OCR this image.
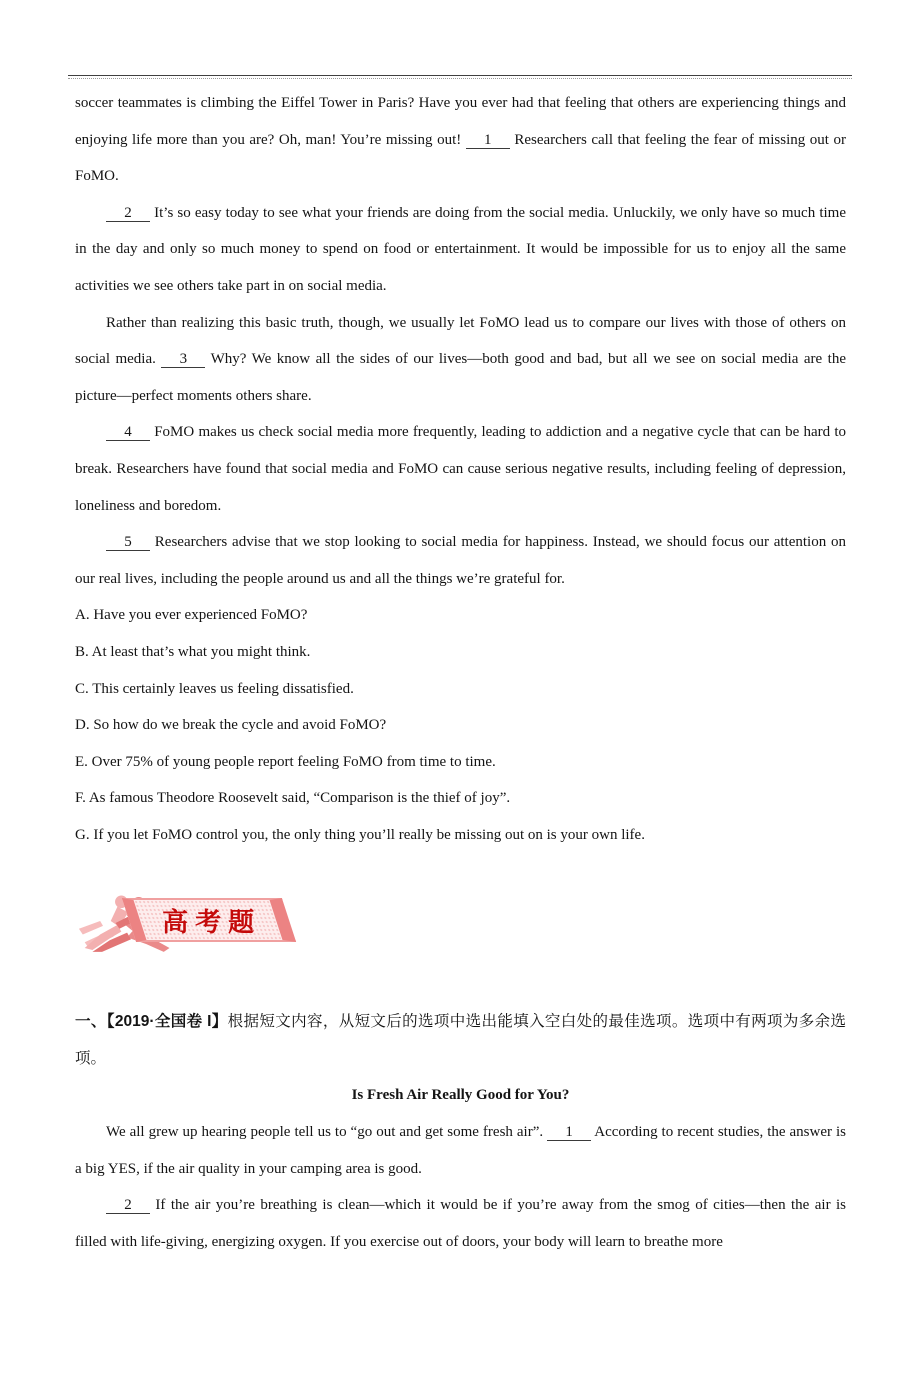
soccer teammates is climbing the Eiffel Tower in Paris? Have you ever had that feeling that others are experiencing things and enjoying life more than you are? Oh, man! You’re missing out! 1 Researchers call that feeling the fear of missing out or FoMO.

2 It’s so easy today to see what your friends are doing from the social media. Unluckily, we only have so much time in the day and only so much money to spend on food or entertainment. It would be impossible for us to enjoy all the same activities we see others take part in on social media.

Rather than realizing this basic truth, though, we usually let FoMO lead us to compare our lives with those of others on social media. 3 Why? We know all the sides of our lives—both good and bad, but all we see on social media are the picture—perfect moments others share.

4 FoMO makes us check social media more frequently, leading to addiction and a negative cycle that can be hard to break. Researchers have found that social media and FoMO can cause serious negative results, including feeling of depression, loneliness and boredom.

5 Researchers advise that we stop looking to social media for happiness. Instead, we should focus our attention on our real lives, including the people around us and all the things we’re grateful for.

A. Have you ever experienced FoMO?

B. At least that’s what you might think.

C. This certainly leaves us feeling dissatisfied.

D. So how do we break the cycle and avoid FoMO?

E. Over 75% of young people report feeling FoMO from time to time.

F. As famous Theodore Roosevelt said, “Comparison is the thief of joy”.

G. If you let FoMO control you, the only thing you’ll really be missing out on is your own life.

高考题

一、【2019·全国卷 I】根据短文内容，从短文后的选项中选出能填入空白处的最佳选项。选项中有两项为多余选项。

Is Fresh Air Really Good for You?

We all grew up hearing people tell us to “go out and get some fresh air”. 1 According to recent studies, the answer is a big YES, if the air quality in your camping area is good.

2 If the air you’re breathing is clean—which it would be if you’re away from the smog of cities—then the air is filled with life-giving, energizing oxygen. If you exercise out of doors, your body will learn to breathe more
